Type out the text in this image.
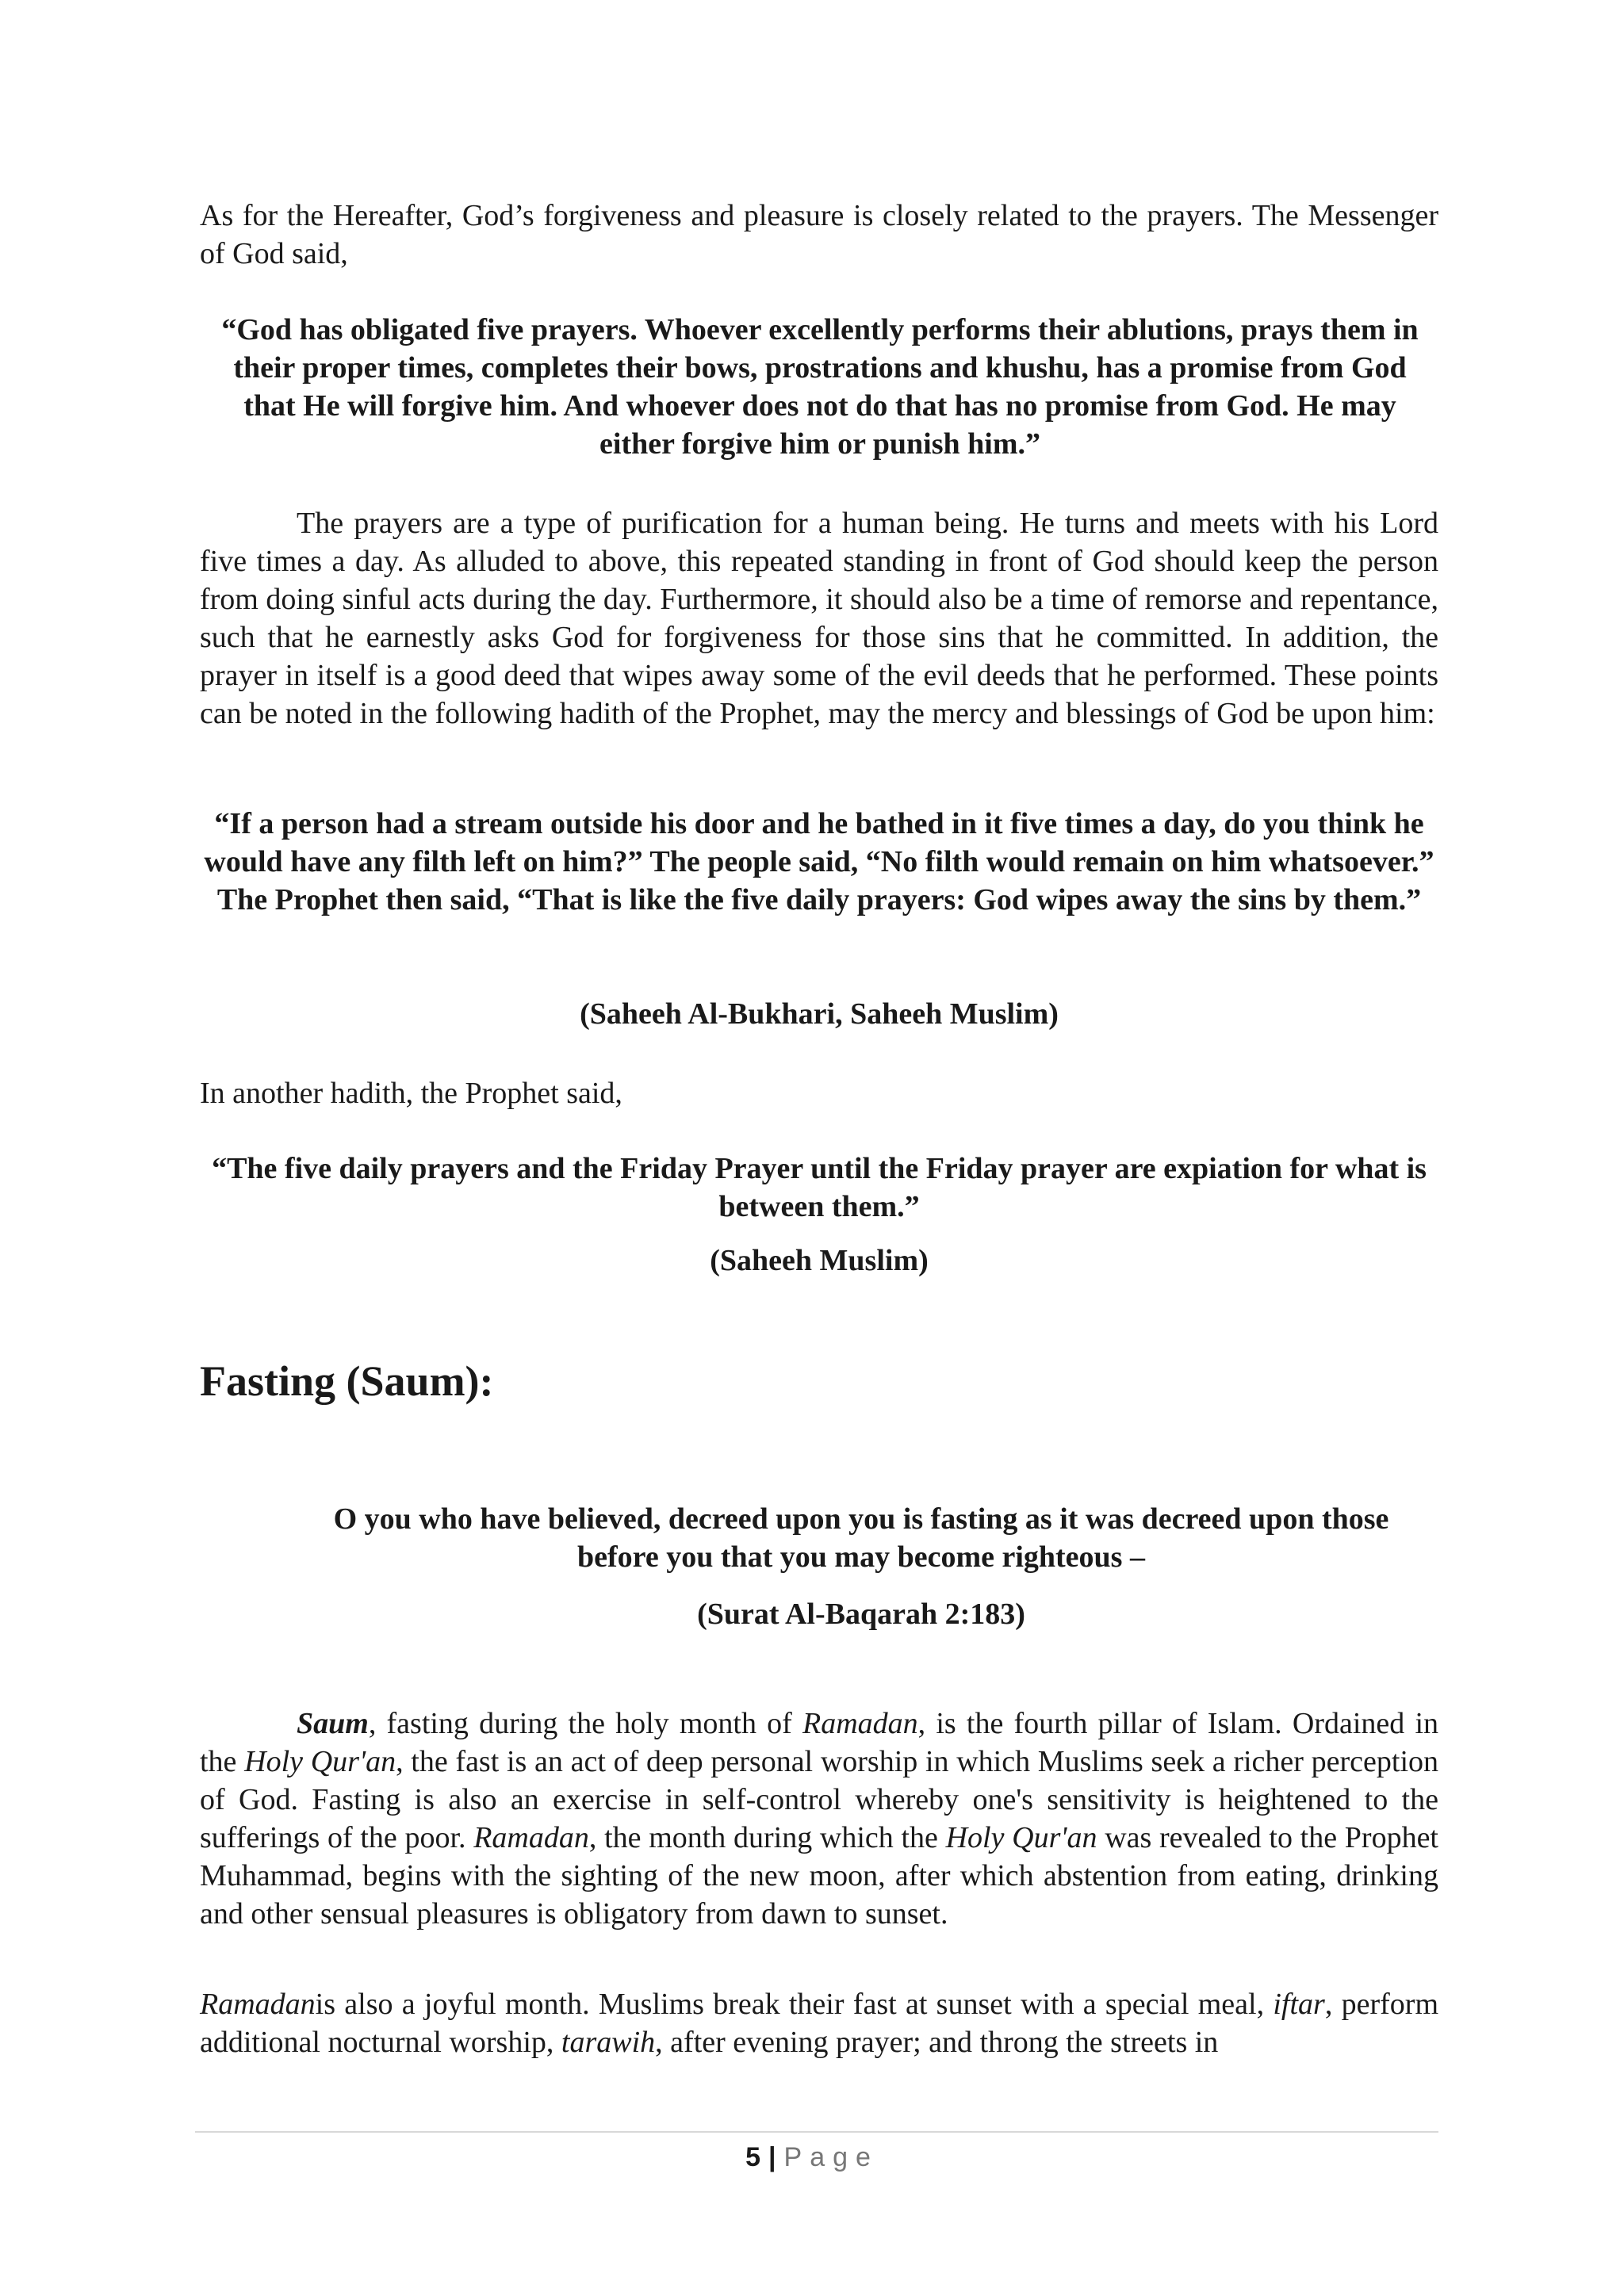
As for the Hereafter, God’s forgiveness and pleasure is closely related to the prayers. The Messenger of God said,

“God has obligated five prayers. Whoever excellently performs their ablutions, prays them in their proper times, completes their bows, prostrations and khushu, has a promise from God that He will forgive him. And whoever does not do that has no promise from God. He may either forgive him or punish him.”

The prayers are a type of purification for a human being. He turns and meets with his Lord five times a day. As alluded to above, this repeated standing in front of God should keep the person from doing sinful acts during the day. Furthermore, it should also be a time of remorse and repentance, such that he earnestly asks God for forgiveness for those sins that he committed. In addition, the prayer in itself is a good deed that wipes away some of the evil deeds that he performed. These points can be noted in the following hadith of the Prophet, may the mercy and blessings of God be upon him:

“If a person had a stream outside his door and he bathed in it five times a day, do you think he would have any filth left on him?” The people said, “No filth would remain on him whatsoever.” The Prophet then said, “That is like the five daily prayers: God wipes away the sins by them.”

(Saheeh Al-Bukhari, Saheeh Muslim)

In another hadith, the Prophet said,

“The five daily prayers and the Friday Prayer until the Friday prayer are expiation for what is between them.”

(Saheeh Muslim)

Fasting (Saum):

O you who have believed, decreed upon you is fasting as it was decreed upon those before you that you may become righteous –

(Surat Al-Baqarah 2:183)

Saum, fasting during the holy month of Ramadan, is the fourth pillar of Islam. Ordained in the Holy Qur'an, the fast is an act of deep personal worship in which Muslims seek a richer perception of God. Fasting is also an exercise in self-control whereby one's sensitivity is heightened to the sufferings of the poor. Ramadan, the month during which the Holy Qur'an was revealed to the Prophet Muhammad, begins with the sighting of the new moon, after which abstention from eating, drinking and other sensual pleasures is obligatory from dawn to sunset.

Ramadanis also a joyful month. Muslims break their fast at sunset with a special meal, iftar, perform additional nocturnal worship, tarawih, after evening prayer; and throng the streets in

5 | Page
